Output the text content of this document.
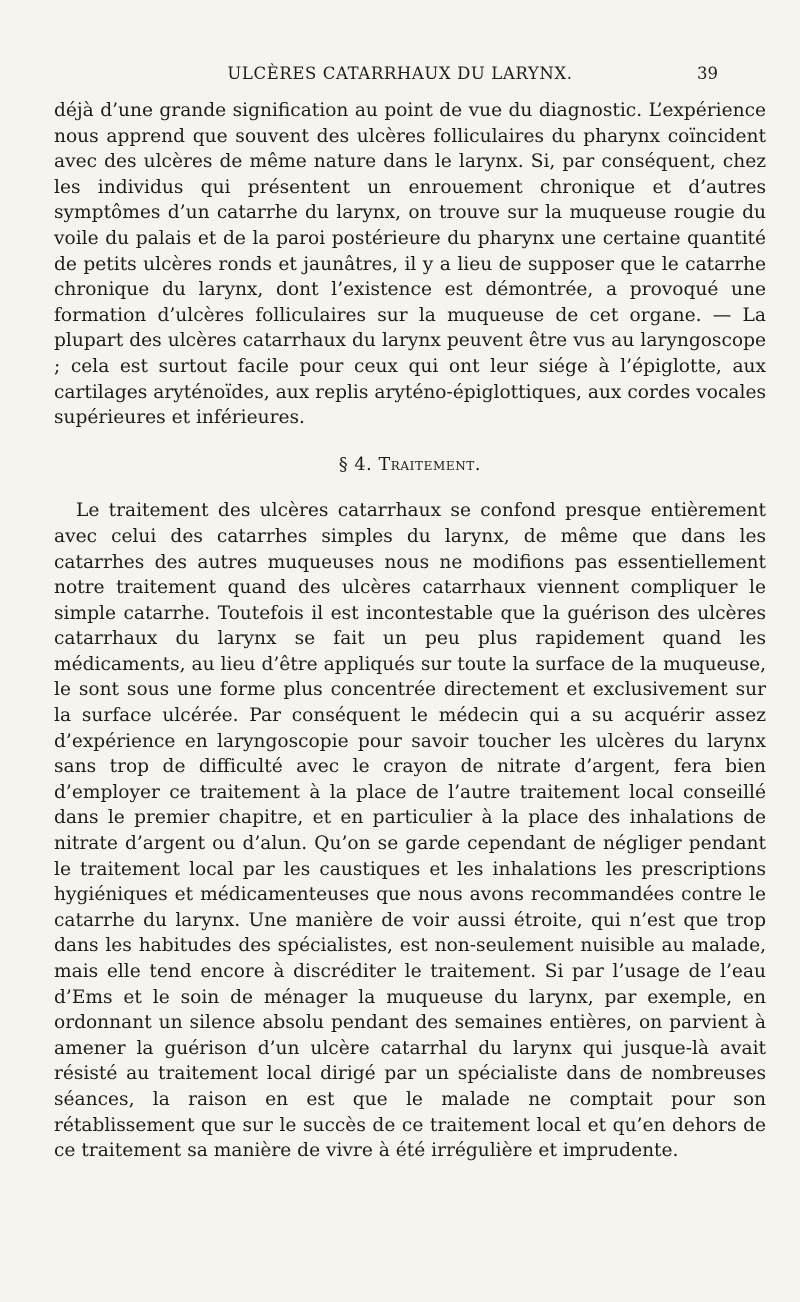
ULCÈRES CATARRHAUX DU LARYNX.	39

déjà d’une grande signification au point de vue du diagnostic. L’expérience nous apprend que souvent des ulcères folliculaires du pharynx coïncident avec des ulcères de même nature dans le larynx. Si, par conséquent, chez les individus qui présentent un enrouement chronique et d’autres symptômes d’un catarrhe du larynx, on trouve sur la muqueuse rougie du voile du palais et de la paroi postérieure du pharynx une certaine quantité de petits ulcères ronds et jaunâtres, il y a lieu de supposer que le catarrhe chronique du larynx, dont l’existence est démontrée, a provoqué une formation d’ulcères folliculaires sur la muqueuse de cet organe. — La plupart des ulcères catarrhaux du larynx peuvent être vus au laryngoscope ; cela est surtout facile pour ceux qui ont leur siége à l’épiglotte, aux cartilages aryténoïdes, aux replis aryténo-épiglottiques, aux cordes vocales supérieures et inférieures.

§ 4. Traitement.

Le traitement des ulcères catarrhaux se confond presque entièrement avec celui des catarrhes simples du larynx, de même que dans les catarrhes des autres muqueuses nous ne modifions pas essentiellement notre traitement quand des ulcères catarrhaux viennent compliquer le simple catarrhe. Toutefois il est incontestable que la guérison des ulcères catarrhaux du larynx se fait un peu plus rapidement quand les médicaments, au lieu d’être appliqués sur toute la surface de la muqueuse, le sont sous une forme plus concentrée directement et exclusivement sur la surface ulcérée. Par conséquent le médecin qui a su acquérir assez d’expérience en laryngoscopie pour savoir toucher les ulcères du larynx sans trop de difficulté avec le crayon de nitrate d’argent, fera bien d’employer ce traitement à la place de l’autre traitement local conseillé dans le premier chapitre, et en particulier à la place des inhalations de nitrate d’argent ou d’alun. Qu’on se garde cependant de négliger pendant le traitement local par les caustiques et les inhalations les prescriptions hygiéniques et médicamenteuses que nous avons recommandées contre le catarrhe du larynx. Une manière de voir aussi étroite, qui n’est que trop dans les habitudes des spécialistes, est non-seulement nuisible au malade, mais elle tend encore à discréditer le traitement. Si par l’usage de l’eau d’Ems et le soin de ménager la muqueuse du larynx, par exemple, en ordonnant un silence absolu pendant des semaines entières, on parvient à amener la guérison d’un ulcère catarrhal du larynx qui jusque-là avait résisté au traitement local dirigé par un spécialiste dans de nombreuses séances, la raison en est que le malade ne comptait pour son rétablissement que sur le succès de ce traitement local et qu’en dehors de ce traitement sa manière de vivre à été irrégulière et imprudente.
